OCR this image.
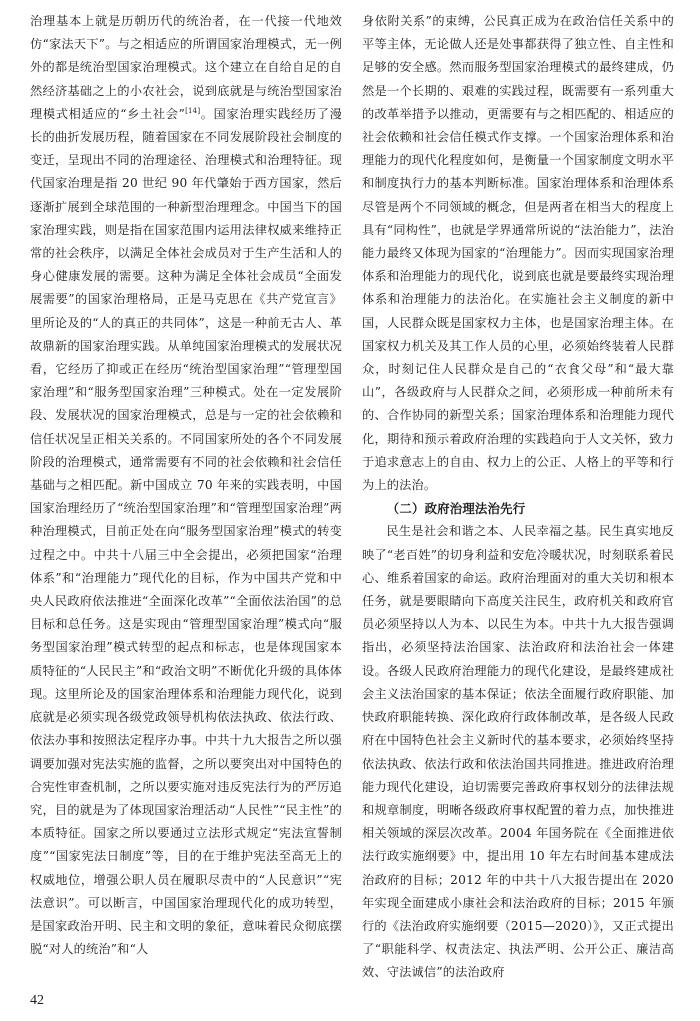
治理基本上就是历朝历代的统治者，在一代接一代地效仿“家法天下”。与之相适应的所谓国家治理模式，无一例外的都是统治型国家治理模式。这个建立在自给自足的自然经济基础之上的小农社会，说到底就是与统治型国家治理模式相适应的“乡土社会”[14]。国家治理实践经历了漫长的曲折发展历程，随着国家在不同发展阶段社会制度的变迁，呈现出不同的治理途径、治理模式和治理特征。现代国家治理是指 20 世纪 90 年代肇始于西方国家，然后逐渐扩展到全球范围的一种新型治理理念。中国当下的国家治理实践，则是指在国家范围内运用法律权威来维持正常的社会秩序，以满足全体社会成员对于生产生活和人的身心健康发展的需要。这种为满足全体社会成员“全面发展需要”的国家治理格局，正是马克思在《共产党宣言》里所论及的“人的真正的共同体”，这是一种前无古人、革故鼎新的国家治理实践。从单纯国家治理模式的发展状况看，它经历了抑或正在经历“统治型国家治理”“管理型国家治理”和“服务型国家治理”三种模式。处在一定发展阶段、发展状况的国家治理模式，总是与一定的社会依赖和信任状况呈正相关关系的。不同国家所处的各个不同发展阶段的治理模式，通常需要有不同的社会依赖和社会信任基础与之相匹配。新中国成立 70 年来的实践表明，中国国家治理经历了“统治型国家治理”和“管理型国家治理”两种治理模式，目前正处在向“服务型国家治理”模式的转变过程之中。中共十八届三中全会提出，必须把国家“治理体系”和“治理能力”现代化的目标，作为中国共产党和中央人民政府依法推进“全面深化改革”“全面依法治国”的总目标和总任务。这是实现由“管理型国家治理”模式向“服务型国家治理”模式转型的起点和标志，也是体现国家本质特征的“人民民主”和“政治文明”不断优化升级的具体体现。这里所论及的国家治理体系和治理能力现代化，说到底就是必须实现各级党政领导机构依法执政、依法行政、依法办事和按照法定程序办事。中共十九大报告之所以强调要加强对宪法实施的监督，之所以要突出对中国特色的合宪性审查机制，之所以要实施对违反宪法行为的严厉追究，目的就是为了体现国家治理活动“人民性”“民主性”的本质特征。国家之所以要通过立法形式规定“宪法宣誓制度”“国家宪法日制度”等，目的在于维护宪法至高无上的权威地位，增强公职人员在履职尽责中的“人民意识”“宪法意识”。可以断言，中国国家治理现代化的成功转型，是国家政治开明、民主和文明的象征，意味着民众彻底摆脱“对人的统治”和“人

身依附关系”的束缚，公民真正成为在政治信任关系中的平等主体，无论做人还是处事都获得了独立性、自主性和足够的安全感。然而服务型国家治理模式的最终建成，仍然是一个长期的、艰难的实践过程，既需要有一系列重大的改革举措予以推动，更需要有与之相匹配的、相适应的社会依赖和社会信任模式作支撑。一个国家治理体系和治理能力的现代化程度如何，是衡量一个国家制度文明水平和制度执行力的基本判断标准。国家治理体系和治理体系尽管是两个不同领域的概念，但是两者在相当大的程度上具有“同构性”，也就是学界通常所说的“法治能力”，法治能力最终又体现为国家的“治理能力”。因而实现国家治理体系和治理能力的现代化，说到底也就是要最终实现治理体系和治理能力的法治化。在实施社会主义制度的新中国，人民群众既是国家权力主体，也是国家治理主体。在国家权力机关及其工作人员的心里，必须始终装着人民群众，时刻记住人民群众是自己的“衣食父母”和“最大靠山”，各级政府与人民群众之间，必须形成一种前所未有的、合作协同的新型关系；国家治理体系和治理能力现代化，期待和预示着政府治理的实践趋向于人文关怀，致力于追求意志上的自由、权力上的公正、人格上的平等和行为上的法治。

（二）政府治理法治先行

民生是社会和谐之本、人民幸福之基。民生真实地反映了“老百姓”的切身利益和安危冷暖状况，时刻联系着民心、维系着国家的命运。政府治理面对的重大关切和根本任务，就是要眼睛向下高度关注民生，政府机关和政府官员必须坚持以人为本、以民生为本。中共十九大报告强调指出，必须坚持法治国家、法治政府和法治社会一体建设。各级人民政府治理能力的现代化建设，是最终建成社会主义法治国家的基本保证；依法全面履行政府职能、加快政府职能转换、深化政府行政体制改革，是各级人民政府在中国特色社会主义新时代的基本要求，必须始终坚持依法执政、依法行政和依法治国共同推进。推进政府治理能力现代化建设，迫切需要完善政府事权划分的法律法规和规章制度，明晰各级政府事权配置的着力点，加快推进相关领域的深层次改革。2004 年国务院在《全面推进依法行政实施纲要》中，提出用 10 年左右时间基本建成法治政府的目标；2012 年的中共十八大报告提出在 2020 年实现全面建成小康社会和法治政府的目标；2015 年颁行的《法治政府实施纲要（2015—2020）》，又正式提出了“职能科学、权责法定、执法严明、公开公正、廉洁高效、守法诚信”的法治政府

42
